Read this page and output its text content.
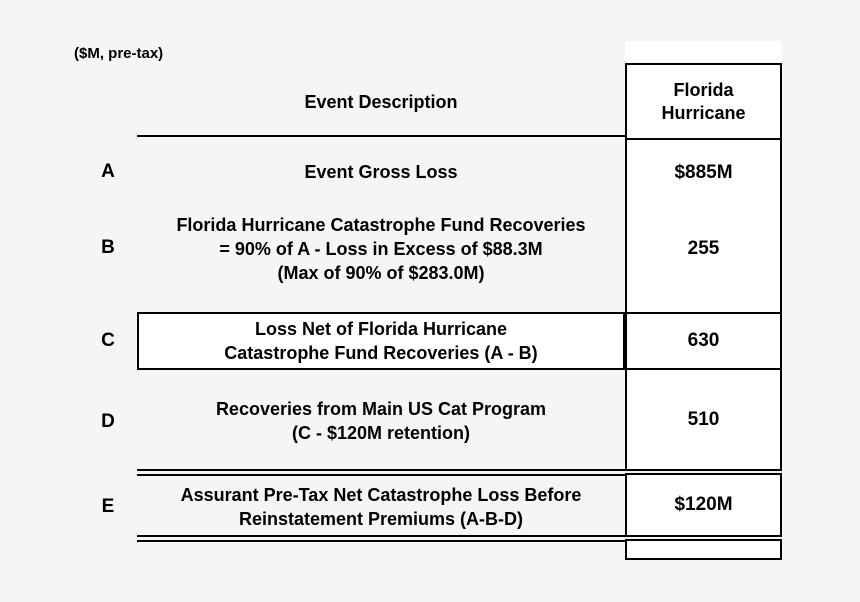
($M, pre-tax)
Event Description
Florida
Hurricane
A
B
C
D
E
Event Gross Loss
Florida Hurricane Catastrophe Fund Recoveries
= 90% of A - Loss in Excess of $88.3M
(Max of 90% of $283.0M)
Loss Net of Florida Hurricane
Catastrophe Fund Recoveries (A - B)
Recoveries from Main US Cat Program
(C - $120M retention)
Assurant Pre-Tax Net Catastrophe Loss Before
Reinstatement Premiums (A-B-D)
$885M
255
630
510
$120M
